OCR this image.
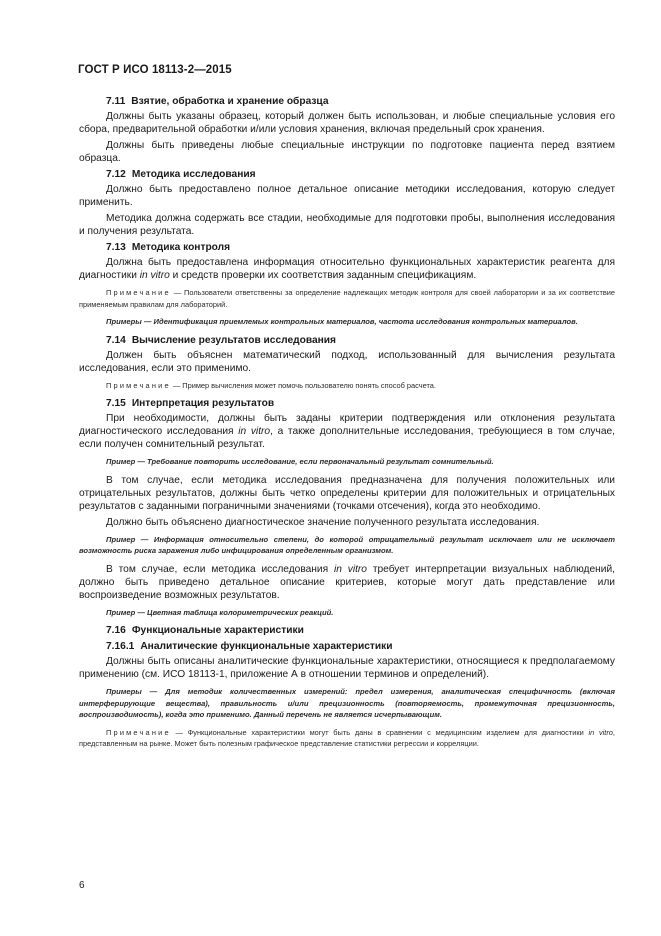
ГОСТ Р ИСО 18113-2—2015
7.11 Взятие, обработка и хранение образца
Должны быть указаны образец, который должен быть использован, и любые специальные условия его сбора, предварительной обработки и/или условия хранения, включая предельный срок хранения.
Должны быть приведены любые специальные инструкции по подготовке пациента перед взятием образца.
7.12 Методика исследования
Должно быть предоставлено полное детальное описание методики исследования, которую следует применить.
Методика должна содержать все стадии, необходимые для подготовки пробы, выполнения исследования и получения результата.
7.13 Методика контроля
Должна быть предоставлена информация относительно функциональных характеристик реагента для диагностики in vitro и средств проверки их соответствия заданным спецификациям.
Примечание — Пользователи ответственны за определение надлежащих методик контроля для своей лаборатории и за их соответствие применяемым правилам для лабораторий.
Примеры — Идентификация приемлемых контрольных материалов, частота исследования контрольных материалов.
7.14 Вычисление результатов исследования
Должен быть объяснен математический подход, использованный для вычисления результата исследования, если это применимо.
Примечание — Пример вычисления может помочь пользователю понять способ расчета.
7.15 Интерпретация результатов
При необходимости, должны быть заданы критерии подтверждения или отклонения результата диагностического исследования in vitro, а также дополнительные исследования, требующиеся в том случае, если получен сомнительный результат.
Пример — Требование повторить исследование, если первоначальный результат сомнительный.
В том случае, если методика исследования предназначена для получения положительных или отрицательных результатов, должны быть четко определены критерии для положительных и отрицательных результатов с заданными пограничными значениями (точками отсечения), когда это необходимо.
Должно быть объяснено диагностическое значение полученного результата исследования.
Пример — Информация относительно степени, до которой отрицательный результат исключает или не исключает возможность риска заражения либо инфицирования определенным организмом.
В том случае, если методика исследования in vitro требует интерпретации визуальных наблюдений, должно быть приведено детальное описание критериев, которые могут дать представление или воспроизведение возможных результатов.
Пример — Цветная таблица колориметрических реакций.
7.16 Функциональные характеристики
7.16.1 Аналитические функциональные характеристики
Должны быть описаны аналитические функциональные характеристики, относящиеся к предполагаемому применению (см. ИСО 18113-1, приложение А в отношении терминов и определений).
Примеры — Для методик количественных измерений: предел измерения, аналитическая специфичность (включая интерферирующие вещества), правильность и/или прецизионность (повторяемость, промежуточная прецизионность, воспроизводимость), когда это применимо. Данный перечень не является исчерпывающим.
Примечание — Функциональные характеристики могут быть даны в сравнении с медицинским изделием для диагностики in vitro, представленным на рынке. Может быть полезным графическое представление статистики регрессии и корреляции.
6
